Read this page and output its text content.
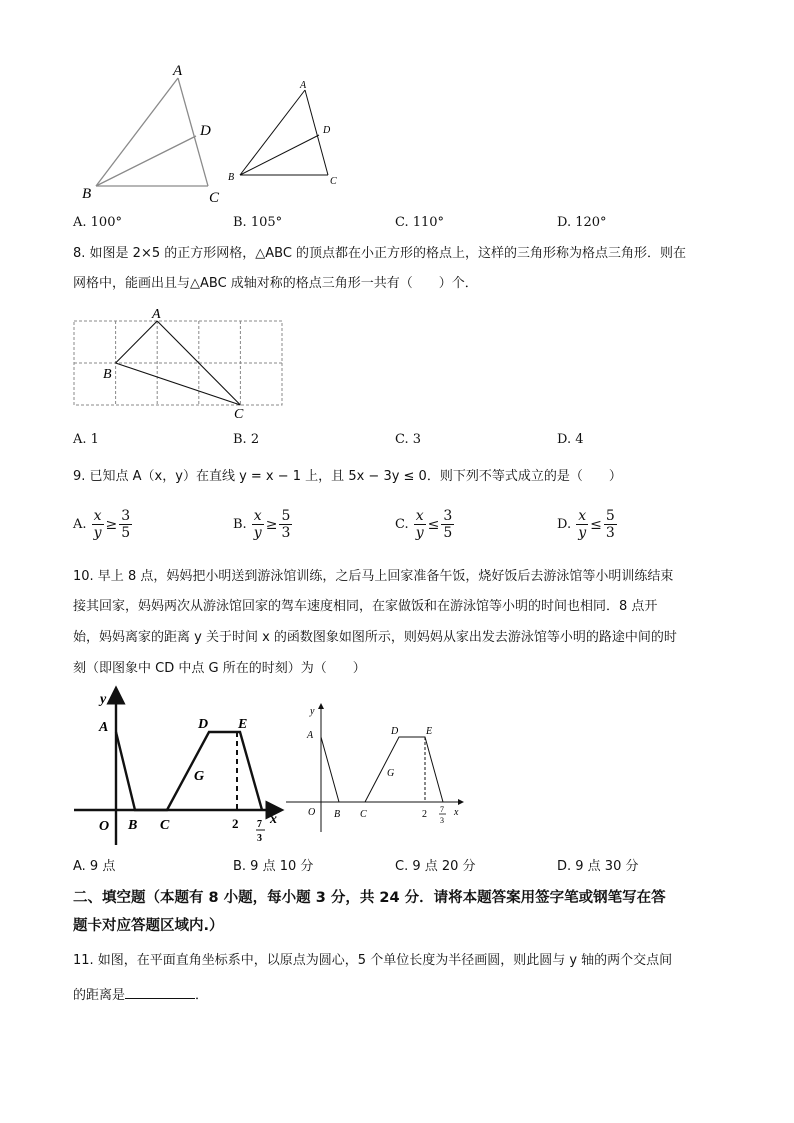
A
D
B	C
A
D
B	C
A. 100°	B. 105°	C. 110°	D. 120°
8. 如图是 2×5 的正方形网格，△ABC 的顶点都在小正方形的格点上，这样的三角形称为格点三角形．则在
网格中，能画出且与△ABC 成轴对称的格点三角形一共有（　　）个．
A
B
C
A. 1	B. 2	C. 3	D. 4
9. 已知点 A（x，y）在直线 y = x − 1 上，且 5x − 3y ≤ 0．则下列不等式成立的是（　　）
A. $\frac{x}{y} \ge \frac{3}{5}$	B. $\frac{x}{y} \ge \frac{5}{3}$	C. $\frac{x}{y} \le \frac{3}{5}$	D. $\frac{x}{y} \le \frac{5}{3}$
10. 早上 8 点，妈妈把小明送到游泳馆训练，之后马上回家准备午饭，烧好饭后去游泳馆等小明训练结束
接其回家，妈妈两次从游泳馆回家的驾车速度相同，在家做饭和在游泳馆等小明的时间也相同．8 点开
始，妈妈离家的距离 y 关于时间 x 的函数图象如图所示，则妈妈从家出发去游泳馆等小明的路途中间的时
刻（即图象中 CD 中点 G 所在的时刻）为（　　）
y
x
A
O B C
D E
G
2 7
3
y
x
A
O B C
D	E
G
2 7
3
A. 9 点	B. 9 点 10 分	C. 9 点 20 分	D. 9 点 30 分
二、填空题（本题有 8 小题，每小题 3 分，共 24 分．请将本题答案用签字笔或钢笔写在答
题卡对应答题区域内.）
11. 如图，在平面直角坐标系中，以原点为圆心，5 个单位长度为半径画圆，则此圆与 y 轴的两个交点间
的距离是	．
